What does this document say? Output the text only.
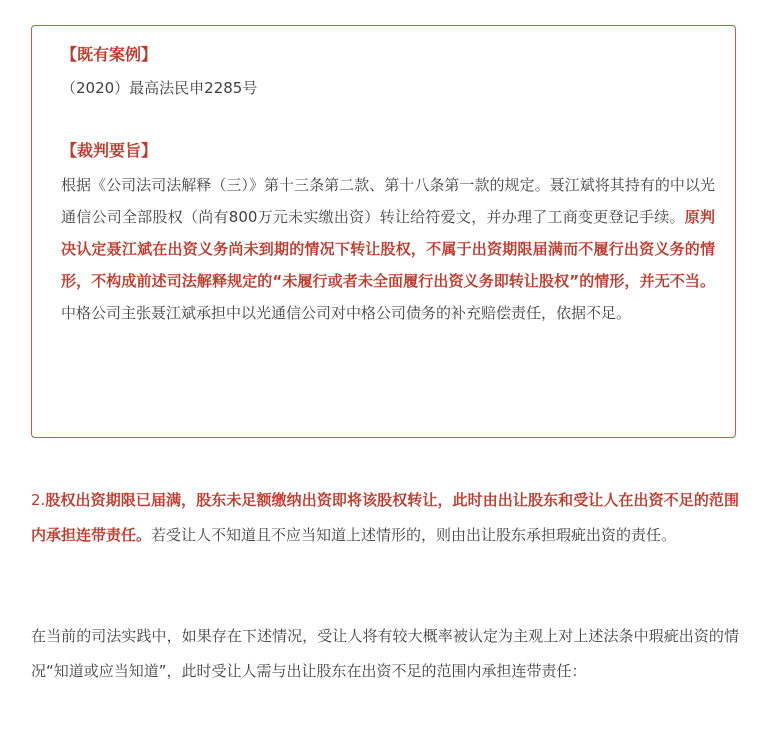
【既有案例】

（2020）最高法民申2285号

【裁判要旨】

根据《公司法司法解释（三）》第十三条第二款、第十八条第一款的规定。聂江斌将其持有的中以光通信公司全部股权（尚有800万元未实缴出资）转让给符爱文，并办理了工商变更登记手续。原判决认定聂江斌在出资义务尚未到期的情况下转让股权，不属于出资期限届满而不履行出资义务的情形，不构成前述司法解释规定的“未履行或者未全面履行出资义务即转让股权”的情形，并无不当。中格公司主张聂江斌承担中以光通信公司对中格公司债务的补充赔偿责任，依据不足。

2.股权出资期限已届满，股东未足额缴纳出资即将该股权转让，此时由出让股东和受让人在出资不足的范围内承担连带责任。若受让人不知道且不应当知道上述情形的，则由出让股东承担瑕疵出资的责任。

在当前的司法实践中，如果存在下述情况，受让人将有较大概率被认定为主观上对上述法条中瑕疵出资的情况“知道或应当知道”，此时受让人需与出让股东在出资不足的范围内承担连带责任：
